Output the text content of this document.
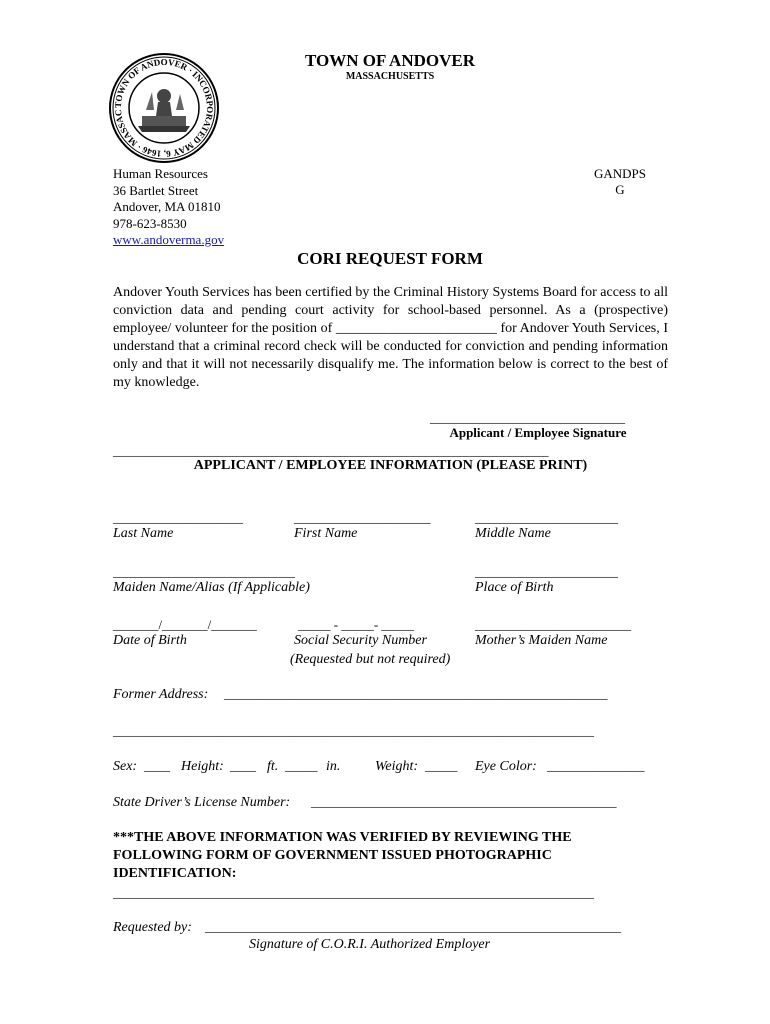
TOWN OF ANDOVER · INCORPORATED MAY 6, 1646 · MASSAC
TOWN OF ANDOVER
MASSACHUSETTS
Human Resources
36 Bartlet Street
Andover, MA 01810
978-623-8530
www.andoverma.gov
GANDPS
G
CORI REQUEST FORM
Andover Youth Services has been certified by the Criminal History Systems Board for access to all conviction data and pending court activity for school-based personnel. As a (prospective) employee/ volunteer for the position of _______________________ for Andover Youth Services, I understand that a criminal record check will be conducted for conviction and pending information only and that it will not necessarily disqualify me. The information below is correct to the best of my knowledge.
______________________________
Applicant / Employee Signature
___________________________________________________________________
APPLICANT / EMPLOYEE INFORMATION (PLEASE PRINT)
____________________
Last Name
_____________________
First Name
______________________
Middle Name
____________________________
Maiden Name/Alias (If Applicable)
______________________
Place of Birth
_______/_______/_______
Date of Birth
_____ - _____- _____
Social Security Number
(Requested but not required)
________________________
Mother’s Maiden Name
Former Address: ___________________________________________________________
__________________________________________________________________________
Sex: ____ Height: ____ ft. _____ in. Weight: _____ Eye Color: _______________
State Driver’s License Number: _______________________________________________
***THE ABOVE INFORMATION WAS VERIFIED BY REVIEWING THE FOLLOWING FORM OF GOVERNMENT ISSUED PHOTOGRAPHIC IDENTIFICATION:
__________________________________________________________________________
Requested by: ________________________________________________________________
Signature of C.O.R.I. Authorized Employer
